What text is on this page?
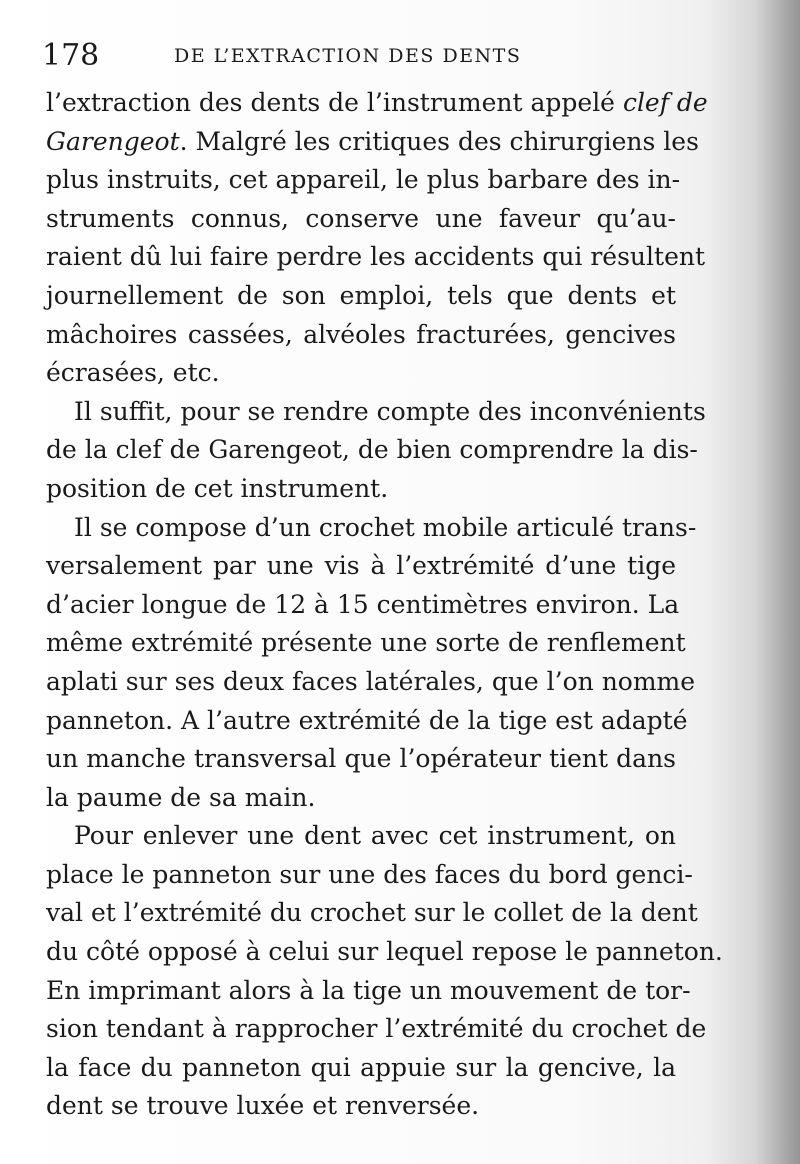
178	DE L’EXTRACTION DES DENTS
l’extraction des dents de l’instrument appelé clef de
Garengeot. Malgré les critiques des chirurgiens les
plus instruits, cet appareil, le plus barbare des in-
struments connus, conserve une faveur qu’au-
raient dû lui faire perdre les accidents qui résultent
journellement de son emploi, tels que dents et
mâchoires cassées, alvéoles fracturées, gencives
écrasées, etc.
Il suffit, pour se rendre compte des inconvénients
de la clef de Garengeot, de bien comprendre la dis-
position de cet instrument.
Il se compose d’un crochet mobile articulé trans-
versalement par une vis à l’extrémité d’une tige
d’acier longue de 12 à 15 centimètres environ. La
même extrémité présente une sorte de renflement
aplati sur ses deux faces latérales, que l’on nomme
panneton. A l’autre extrémité de la tige est adapté
un manche transversal que l’opérateur tient dans
la paume de sa main.
Pour enlever une dent avec cet instrument, on
place le panneton sur une des faces du bord genci-
val et l’extrémité du crochet sur le collet de la dent
du côté opposé à celui sur lequel repose le panneton.
En imprimant alors à la tige un mouvement de tor-
sion tendant à rapprocher l’extrémité du crochet de
la face du panneton qui appuie sur la gencive, la
dent se trouve luxée et renversée.
